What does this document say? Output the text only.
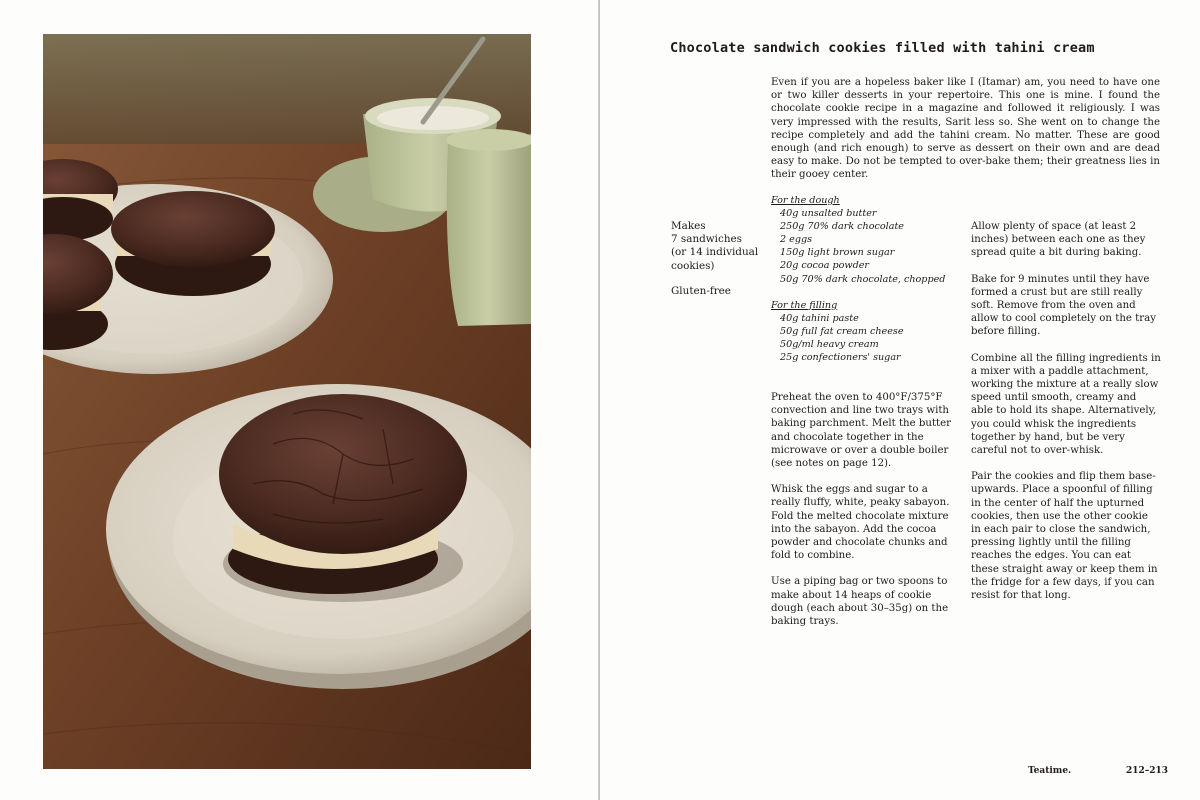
Chocolate sandwich cookies filled with tahini cream
Even if you are a hopeless baker like I (Itamar) am, you need to have one or two killer desserts in your repertoire. This one is mine. I found the chocolate cookie recipe in a magazine and followed it religiously. I was very impressed with the results, Sarit less so. She went on to change the recipe completely and add the tahini cream. No matter. These are good enough (and rich enough) to serve as dessert on their own and are dead easy to make. Do not be tempted to over-bake them; their greatness lies in their gooey center.
Makes
7 sandwiches
(or 14 individual
cookies)
Gluten-free
For the dough
40g unsalted butter
250g 70% dark chocolate
2 eggs
150g light brown sugar
20g cocoa powder
50g 70% dark chocolate, chopped
For the filling
40g tahini paste
50g full fat cream cheese
50g/ml heavy cream
25g confectioners' sugar

Preheat the oven to 400°F/375°F convection and line two trays with baking parchment. Melt the butter and chocolate together in the microwave or over a double boiler (see notes on page 12).

Whisk the eggs and sugar to a really fluffy, white, peaky sabayon. Fold the melted chocolate mixture into the sabayon. Add the cocoa powder and chocolate chunks and fold to combine.

Use a piping bag or two spoons to make about 14 heaps of cookie dough (each about 30–35g) on the baking trays.

Allow plenty of space (at least 2 inches) between each one as they spread quite a bit during baking.

Bake for 9 minutes until they have formed a crust but are still really soft. Remove from the oven and allow to cool completely on the tray before filling.

Combine all the filling ingredients in a mixer with a paddle attachment, working the mixture at a really slow speed until smooth, creamy and able to hold its shape. Alternatively, you could whisk the ingredients together by hand, but be very careful not to over-whisk.

Pair the cookies and flip them base-upwards. Place a spoonful of filling in the center of half the upturned cookies, then use the other cookie in each pair to close the sandwich, pressing lightly until the filling reaches the edges. You can eat these straight away or keep them in the fridge for a few days, if you can resist for that long.

Teatime.	212–213
